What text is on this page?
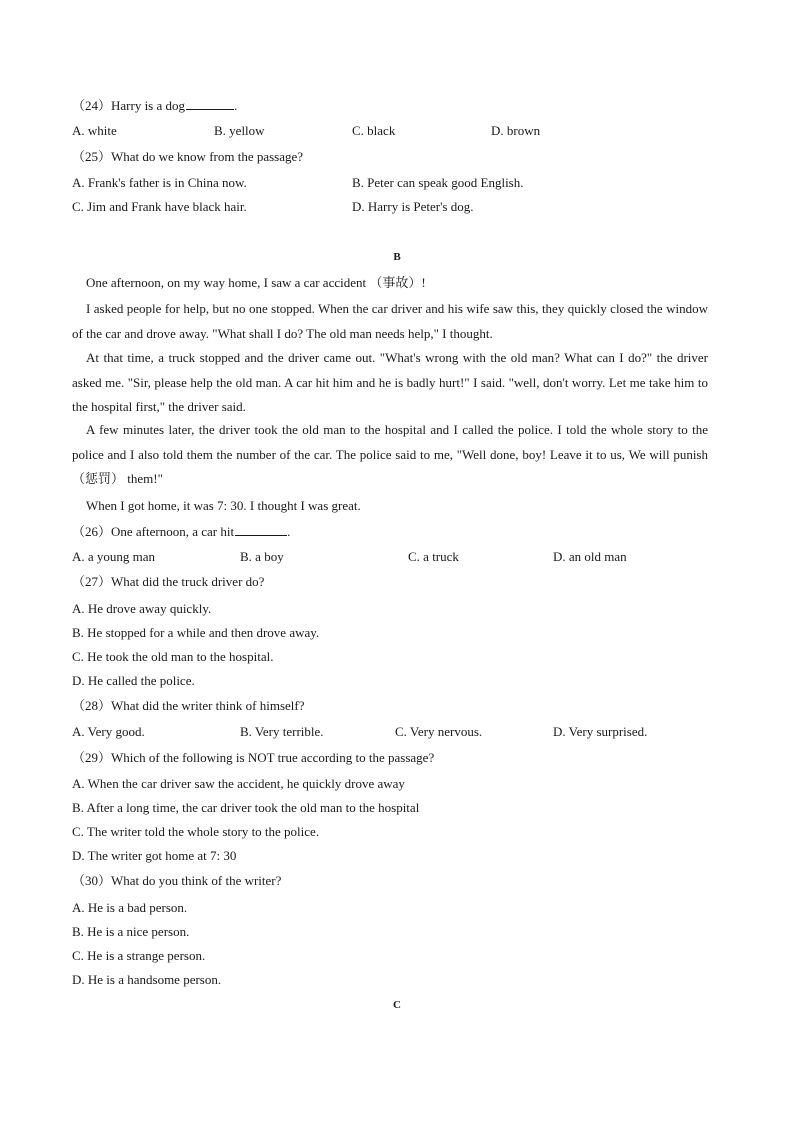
（24）Harry is a dog	.
A. white	B. yellow	C. black	D. brown
（25）What do we know from the passage?
A. Frank's father is in China now.	B. Peter can speak good English.
C. Jim and Frank have black hair.	D. Harry is Peter's dog.
B
One afternoon, on my way home, I saw a car accident （事故）!
I asked people for help, but no one stopped. When the car driver and his wife saw this, they quickly closed the window of the car and drove away. "What shall I do? The old man needs help," I thought.
At that time, a truck stopped and the driver came out. "What's wrong with the old man? What can I do?" the driver asked me. "Sir, please help the old man. A car hit him and he is badly hurt!" I said. "well, don't worry. Let me take him to the hospital first," the driver said.
A few minutes later, the driver took the old man to the hospital and I called the police. I told the whole story to the police and I also told them the number of the car. The police said to me, "Well done, boy! Leave it to us, We will punish （惩罚） them!"
When I got home, it was 7: 30. I thought I was great.
（26）One afternoon, a car hit	.
A. a young man	B. a boy	C. a truck	D. an old man
（27）What did the truck driver do?
A. He drove away quickly.
B. He stopped for a while and then drove away.
C. He took the old man to the hospital.
D. He called the police.
（28）What did the writer think of himself?
A. Very good.	B. Very terrible.	C. Very nervous.	D. Very surprised.
（29）Which of the following is NOT true according to the passage?
A. When the car driver saw the accident, he quickly drove away
B. After a long time, the car driver took the old man to the hospital
C. The writer told the whole story to the police.
D. The writer got home at 7: 30
（30）What do you think of the writer?
A. He is a bad person.
B. He is a nice person.
C. He is a strange person.
D. He is a handsome person.
C
